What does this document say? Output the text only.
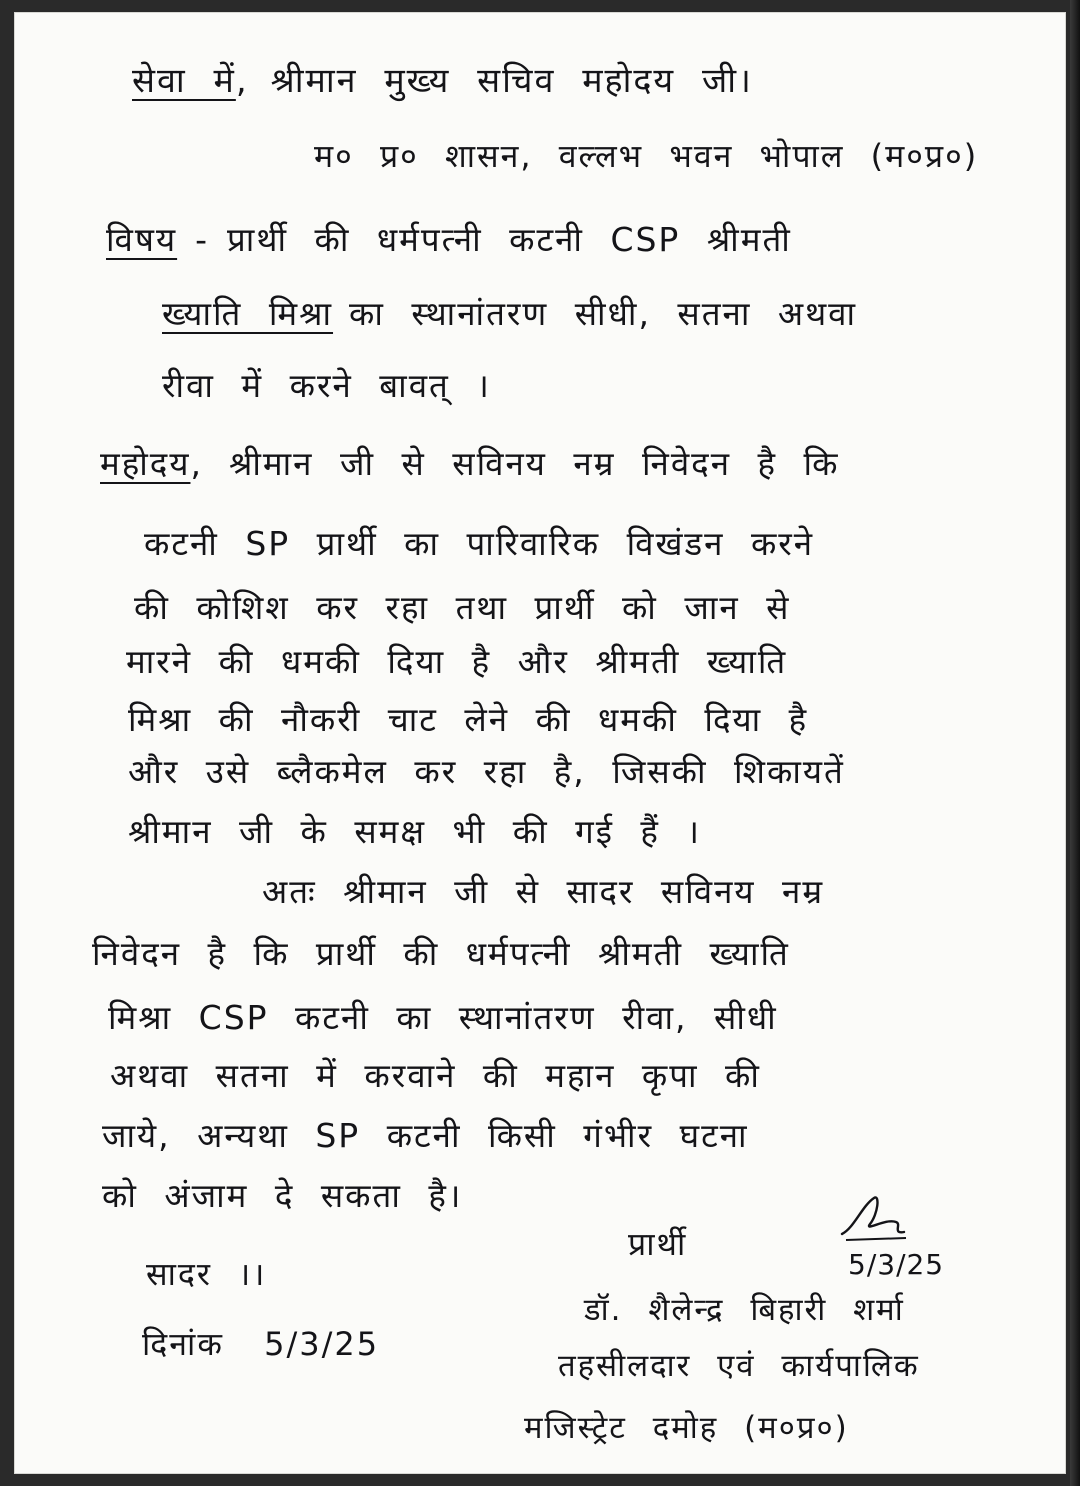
सेवा में, श्रीमान मुख्य सचिव महोदय जी।
म० प्र० शासन, वल्लभ भवन भोपाल (म०प्र०)
विषय - प्रार्थी की धर्मपत्नी कटनी CSP श्रीमती
ख्याति मिश्रा का स्थानांतरण सीधी, सतना अथवा
रीवा में करने बावत् ।
महोदय, श्रीमान जी से सविनय नम्र निवेदन है कि
कटनी SP प्रार्थी का पारिवारिक विखंडन करने
की कोशिश कर रहा तथा प्रार्थी को जान से
मारने की धमकी दिया है और श्रीमती ख्याति
मिश्रा की नौकरी चाट लेने की धमकी दिया है
और उसे ब्लैकमेल कर रहा है, जिसकी शिकायतें
श्रीमान जी के समक्ष भी की गई हैं ।
अतः श्रीमान जी से सादर सविनय नम्र
निवेदन है कि प्रार्थी की धर्मपत्नी श्रीमती ख्याति
मिश्रा CSP कटनी का स्थानांतरण रीवा, सीधी
अथवा सतना में करवाने की महान कृपा की
जाये, अन्यथा SP कटनी किसी गंभीर घटना
को अंजाम दे सकता है।
सादर ।।
दिनांक 5/3/25
प्रार्थी
5/3/25
डॉ. शैलेन्द्र बिहारी शर्मा
तहसीलदार एवं कार्यपालिक
मजिस्ट्रेट दमोह (म०प्र०)
